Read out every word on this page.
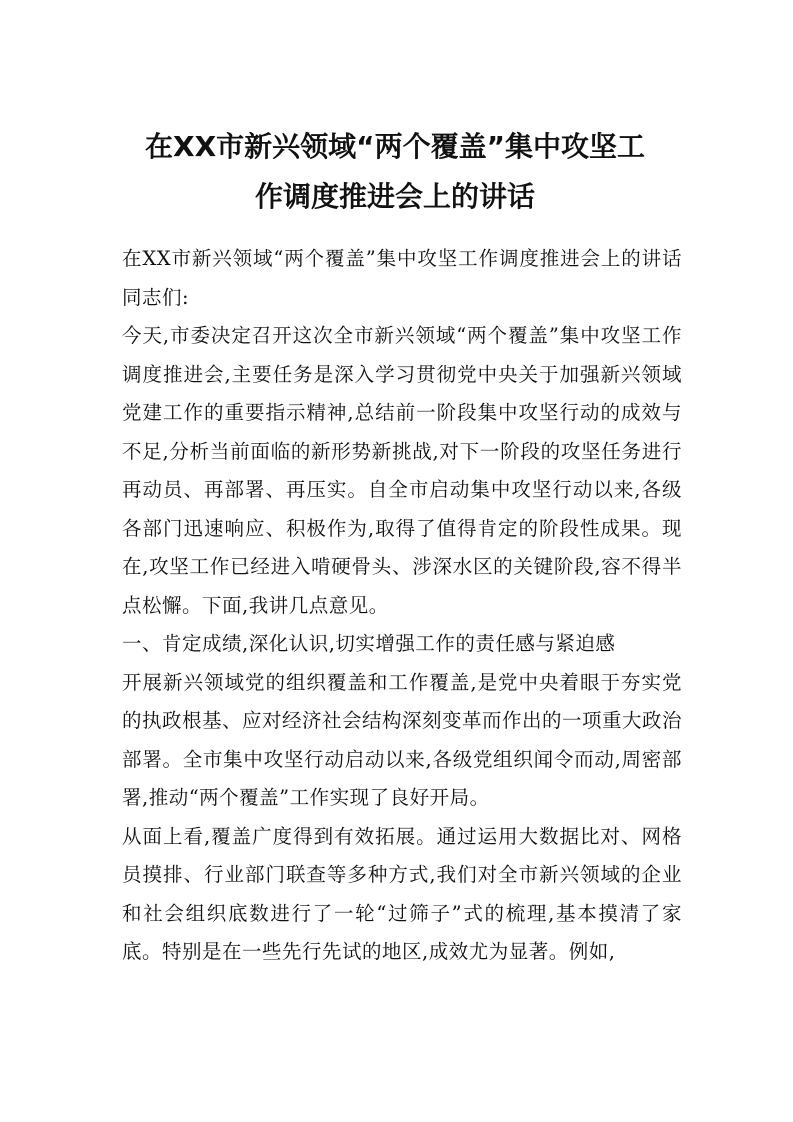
在XX市新兴领域“两个覆盖”集中攻坚工
作调度推进会上的讲话

在XX市新兴领域“两个覆盖”集中攻坚工作调度推进会上的讲话同志们:

今天,市委决定召开这次全市新兴领域“两个覆盖”集中攻坚工作调度推进会,主要任务是深入学习贯彻党中央关于加强新兴领域党建工作的重要指示精神,总结前一阶段集中攻坚行动的成效与不足,分析当前面临的新形势新挑战,对下一阶段的攻坚任务进行再动员、再部署、再压实。自全市启动集中攻坚行动以来,各级各部门迅速响应、积极作为,取得了值得肯定的阶段性成果。现在,攻坚工作已经进入啃硬骨头、涉深水区的关键阶段,容不得半点松懈。下面,我讲几点意见。

一、肯定成绩,深化认识,切实增强工作的责任感与紧迫感

开展新兴领域党的组织覆盖和工作覆盖,是党中央着眼于夯实党的执政根基、应对经济社会结构深刻变革而作出的一项重大政治部署。全市集中攻坚行动启动以来,各级党组织闻令而动,周密部署,推动“两个覆盖”工作实现了良好开局。

从面上看,覆盖广度得到有效拓展。通过运用大数据比对、网格员摸排、行业部门联查等多种方式,我们对全市新兴领域的企业和社会组织底数进行了一轮“过筛子”式的梳理,基本摸清了家底。特别是在一些先行先试的地区,成效尤为显著。例如,
